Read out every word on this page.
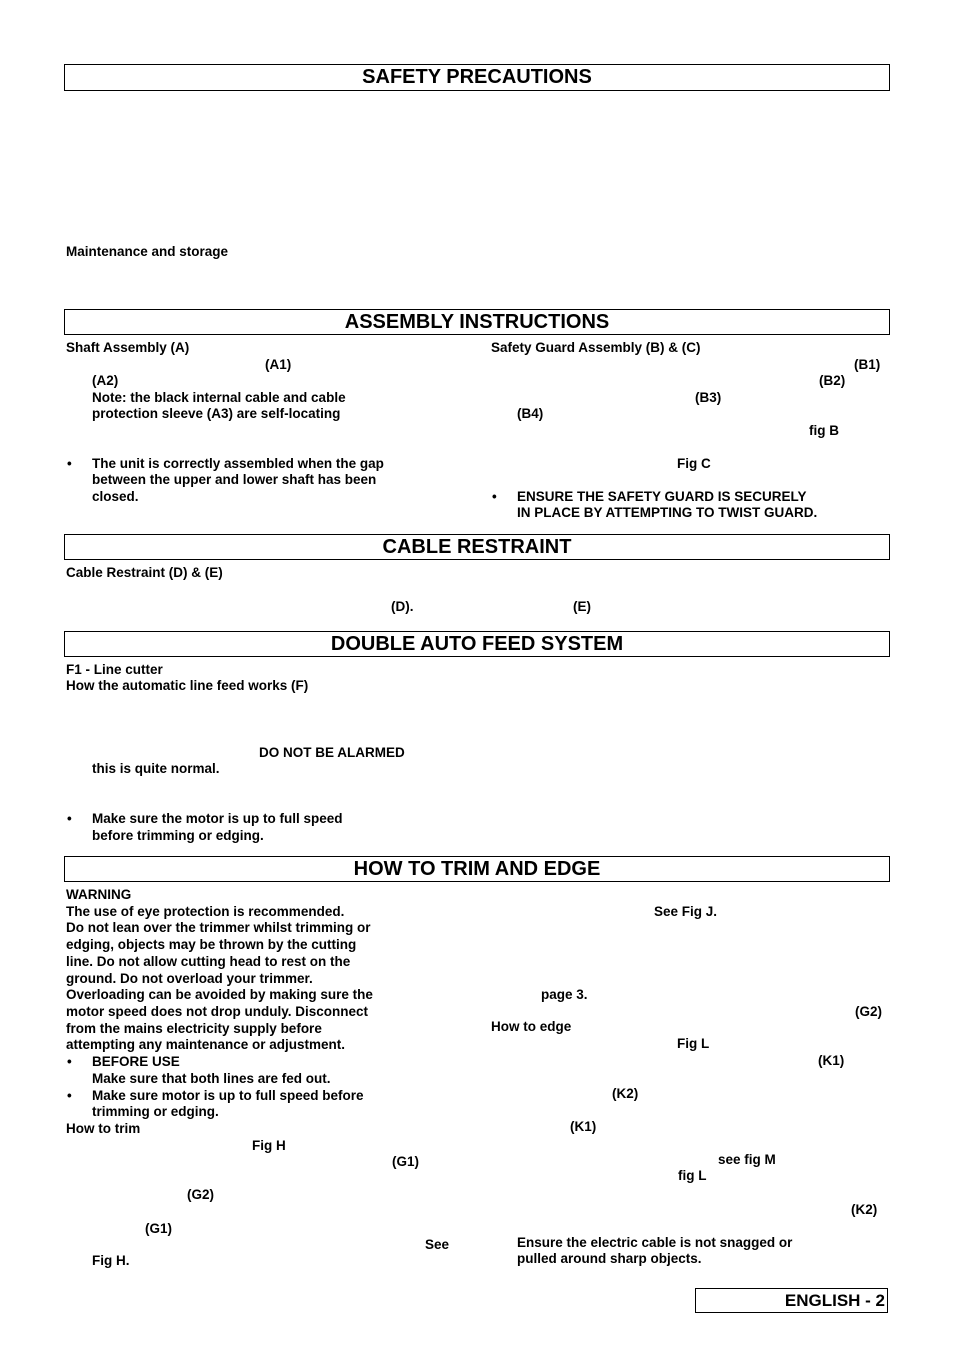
SAFETY PRECAUTIONS
ASSEMBLY INSTRUCTIONS
CABLE RESTRAINT
DOUBLE AUTO FEED SYSTEM
HOW TO TRIM AND EDGE
Maintenance and storage
Shaft Assembly (A)
(A1)
(A2)
Note: the black internal cable and cable
protection sleeve (A3) are self-locating
• The unit is correctly assembled when the gap
between the upper and lower shaft has been
closed.
Safety Guard Assembly (B) & (C)
(B1)
(B2)
(B3)
(B4)
fig B
Fig C
• ENSURE THE SAFETY GUARD IS SECURELY
IN PLACE BY ATTEMPTING TO TWIST GUARD.
Cable Restraint (D) & (E)
(D).	(E)
F1 - Line cutter
How the automatic line feed works (F)
DO NOT BE ALARMED
this is quite normal.
• Make sure the motor is up to full speed
before trimming or edging.
WARNING
The use of eye protection is recommended.
Do not lean over the trimmer whilst trimming or
edging, objects may be thrown by the cutting
line. Do not allow cutting head to rest on the
ground. Do not overload your trimmer.
Overloading can be avoided by making sure the
motor speed does not drop unduly. Disconnect
from the mains electricity supply before
attempting any maintenance or adjustment.
• BEFORE USE
Make sure that both lines are fed out.
• Make sure motor is up to full speed before
trimming or edging.
How to trim
Fig H
(G1)
(G2)
(G1)
See
Fig H.
See Fig J.
page 3.
(G2)
How to edge
Fig L
(K1)
(K2)
(K1)
see fig M
fig L
(K2)
Ensure the electric cable is not snagged or
pulled around sharp objects.
ENGLISH - 2
